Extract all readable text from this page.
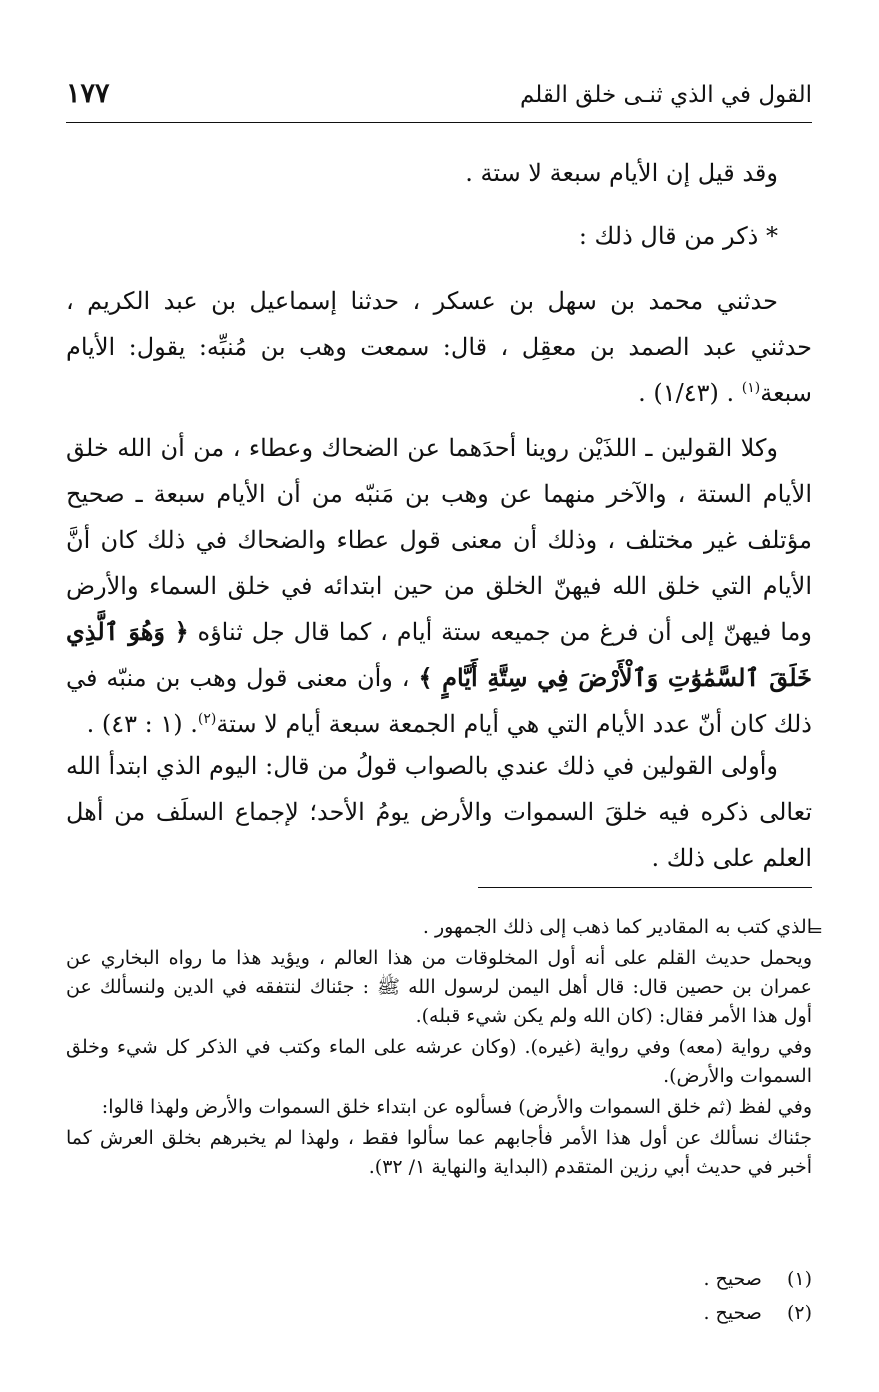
القول في الذي ثنـى خلق القلم
١٧٧

وقد قيل إن الأيام سبعة لا ستة .

* ذكر من قال ذلك :

حدثني محمد بن سهل بن عسكر ، حدثنا إسماعيل بن عبد الكريم ، حدثني عبد الصمد بن معقِل ، قال: سمعت وهب بن مُنبِّه: يقول: الأيام سبعة$^{(١)}$ . (١/٤٣) .

وكلا القولين ـ اللذَيْن روينا أحدَهما عن الضحاك وعطاء ، من أن الله خلق الأيام الستة ، والآخر منهما عن وهب بن مَنبّه من أن الأيام سبعة ـ صحيح مؤتلف غير مختلف ، وذلك أن معنى قول عطاء والضحاك في ذلك كان أنَّ الأيام التي خلق الله فيهنّ الخلق من حين ابتدائه في خلق السماء والأرض وما فيهنّ إلى أن فرغ من جميعه ستة أيام ، كما قال جل ثناؤه ﴿ وَهُوَ ٱلَّذِي خَلَقَ ٱلسَّمَٰوَٰتِ وَٱلْأَرْضَ فِي سِتَّةِ أَيَّامٍ ﴾ ، وأن معنى قول وهب بن منبّه في ذلك كان أنّ عدد الأيام التي هي أيام الجمعة سبعة أيام لا ستة$^{(٢)}$. (١ : ٤٣) .

وأولى القولين في ذلك عندي بالصواب قولُ من قال: اليوم الذي ابتدأ الله تعالى ذكره فيه خلقَ السموات والأرض يومُ الأحد؛ لإجماع السلَف من أهل العلم على ذلك .

=

الذي كتب به المقادير كما ذهب إلى ذلك الجمهور .

ويحمل حديث القلم على أنه أول المخلوقات من هذا العالم ، ويؤيد هذا ما رواه البخاري عن عمران بن حصين قال: قال أهل اليمن لرسول الله ﷺ : جئناك لنتفقه في الدين ولنسألك عن أول هذا الأمر فقال: (كان الله ولم يكن شيء قبله).

وفي رواية (معه) وفي رواية (غيره). (وكان عرشه على الماء وكتب في الذكر كل شيء وخلق السموات والأرض).

وفي لفظ (ثم خلق السموات والأرض) فسألوه عن ابتداء خلق السموات والأرض ولهذا قالوا:

جئناك نسألك عن أول هذا الأمر فأجابهم عما سألوا فقط ، ولهذا لم يخبرهم بخلق العرش كما أخبر في حديث أبي رزين المتقدم (البداية والنهاية ١/ ٣٢).

(١) صحيح .
(٢) صحيح .
